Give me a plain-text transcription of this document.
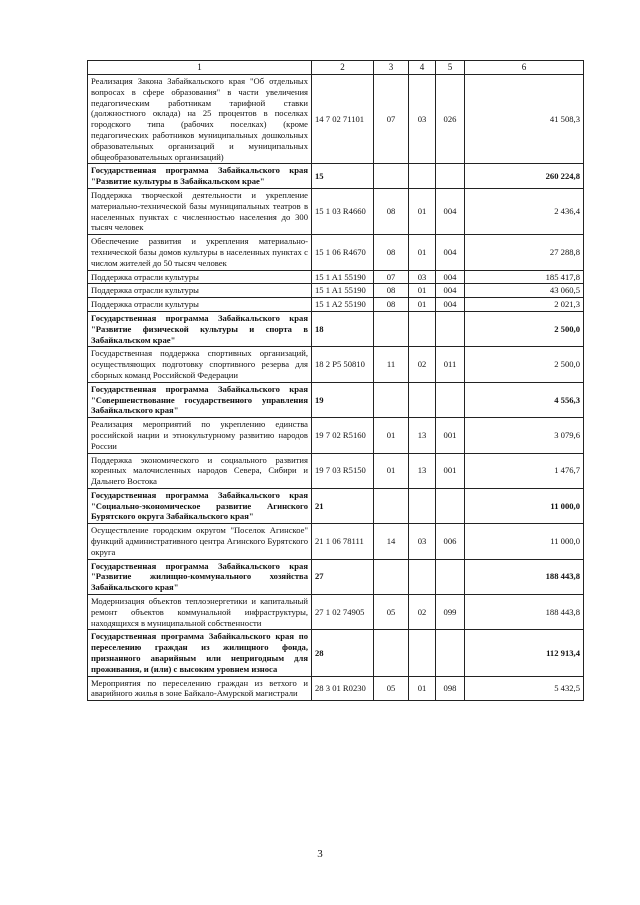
1	2	3	4	5	6
Реализация Закона Забайкальского края "Об отдельных вопросах в сфере образования" в части увеличения педагогическим работникам тарифной ставки (должностного оклада) на 25 процентов в поселках городского типа (рабочих поселках) (кроме педагогических работников муниципальных дошкольных образовательных организаций и муниципальных общеобразовательных организаций)	14 7 02 71101	07	03	026	41 508,3
Государственная программа Забайкальского края "Развитие культуры в Забайкальском крае"	15				260 224,8
Поддержка творческой деятельности и укрепление материально-технической базы муниципальных театров в населенных пунктах с численностью населения до 300 тысяч человек	15 1 03 R4660	08	01	004	2 436,4
Обеспечение развития и укрепления материально-технической базы домов культуры в населенных пунктах с числом жителей до 50 тысяч человек	15 1 06 R4670	08	01	004	27 288,8
Поддержка отрасли культуры	15 1 A1 55190	07	03	004	185 417,8
Поддержка отрасли культуры	15 1 A1 55190	08	01	004	43 060,5
Поддержка отрасли культуры	15 1 A2 55190	08	01	004	2 021,3
Государственная программа Забайкальского края "Развитие физической культуры и спорта в Забайкальском крае"	18				2 500,0
Государственная поддержка спортивных организаций, осуществляющих подготовку спортивного резерва для сборных команд Российской Федерации	18 2 P5 50810	11	02	011	2 500,0
Государственная программа Забайкальского края "Совершенствование государственного управления Забайкальского края"	19				4 556,3
Реализация мероприятий по укреплению единства российской нации и этнокультурному развитию народов России	19 7 02 R5160	01	13	001	3 079,6
Поддержка экономического и социального развития коренных малочисленных народов Севера, Сибири и Дальнего Востока	19 7 03 R5150	01	13	001	1 476,7
Государственная программа Забайкальского края "Социально-экономическое развитие Агинского Бурятского округа Забайкальского края"	21				11 000,0
Осуществление городским округом "Поселок Агинское" функций административного центра Агинского Бурятского округа	21 1 06 78111	14	03	006	11 000,0
Государственная программа Забайкальского края "Развитие жилищно-коммунального хозяйства Забайкальского края"	27				188 443,8
Модернизация объектов теплоэнергетики и капитальный ремонт объектов коммунальной инфраструктуры, находящихся в муниципальной собственности	27 1 02 74905	05	02	099	188 443,8
Государственная программа Забайкальского края по переселению граждан из жилищного фонда, признанного аварийным или непригодным для проживания, и (или) с высоким уровнем износа	28				112 913,4
Мероприятия по переселению граждан из ветхого и аварийного жилья в зоне Байкало-Амурской магистрали	28 3 01 R0230	05	01	098	5 432,5
3
